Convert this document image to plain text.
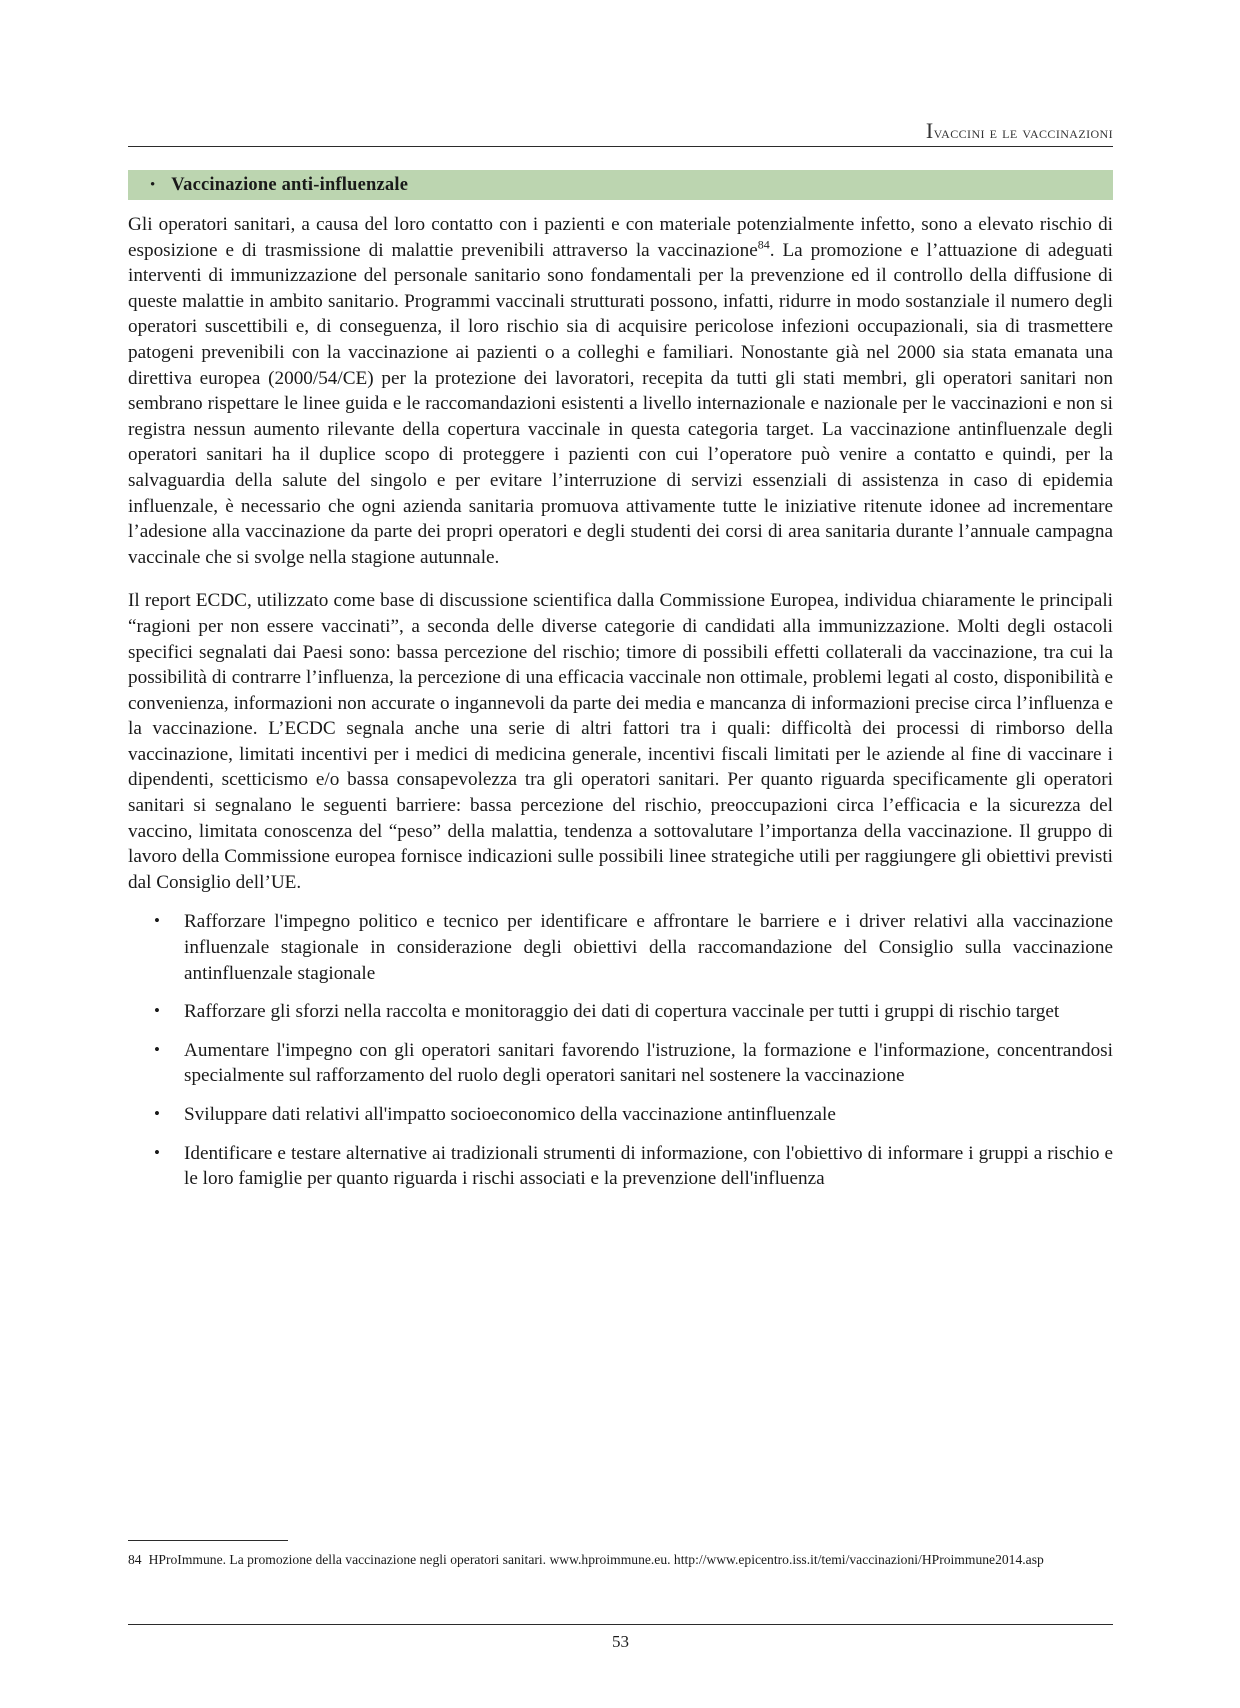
Ivaccini e le vaccinazioni
• Vaccinazione anti-influenzale

Gli operatori sanitari, a causa del loro contatto con i pazienti e con materiale potenzialmente infetto, sono a elevato rischio di esposizione e di trasmissione di malattie prevenibili attraverso la vaccinazione$^{84}$. La promozione e l’attuazione di adeguati interventi di immunizzazione del personale sanitario sono fondamentali per la prevenzione ed il controllo della diffusione di queste malattie in ambito sanitario. Programmi vaccinali strutturati possono, infatti, ridurre in modo sostanziale il numero degli operatori suscettibili e, di conseguenza, il loro rischio sia di acquisire pericolose infezioni occupazionali, sia di trasmettere patogeni prevenibili con la vaccinazione ai pazienti o a colleghi e familiari. Nonostante già nel 2000 sia stata emanata una direttiva europea (2000/54/CE) per la protezione dei lavoratori, recepita da tutti gli stati membri, gli operatori sanitari non sembrano rispettare le linee guida e le raccomandazioni esistenti a livello internazionale e nazionale per le vaccinazioni e non si registra nessun aumento rilevante della copertura vaccinale in questa categoria target. La vaccinazione antinfluenzale degli operatori sanitari ha il duplice scopo di proteggere i pazienti con cui l’operatore può venire a contatto e quindi, per la salvaguardia della salute del singolo e per evitare l’interruzione di servizi essenziali di assistenza in caso di epidemia influenzale, è necessario che ogni azienda sanitaria promuova attivamente tutte le iniziative ritenute idonee ad incrementare l’adesione alla vaccinazione da parte dei propri operatori e degli studenti dei corsi di area sanitaria durante l’annuale campagna vaccinale che si svolge nella stagione autunnale.

Il report ECDC, utilizzato come base di discussione scientifica dalla Commissione Europea, individua chiaramente le principali “ragioni per non essere vaccinati”, a seconda delle diverse categorie di candidati alla immunizzazione. Molti degli ostacoli specifici segnalati dai Paesi sono: bassa percezione del rischio; timore di possibili effetti collaterali da vaccinazione, tra cui la possibilità di contrarre l’influenza, la percezione di una efficacia vaccinale non ottimale, problemi legati al costo, disponibilità e convenienza, informazioni non accurate o ingannevoli da parte dei media e mancanza di informazioni precise circa l’influenza e la vaccinazione. L’ECDC segnala anche una serie di altri fattori tra i quali: difficoltà dei processi di rimborso della vaccinazione, limitati incentivi per i medici di medicina generale, incentivi fiscali limitati per le aziende al fine di vaccinare i dipendenti, scetticismo e/o bassa consapevolezza tra gli operatori sanitari. Per quanto riguarda specificamente gli operatori sanitari si segnalano le seguenti barriere: bassa percezione del rischio, preoccupazioni circa l’efficacia e la sicurezza del vaccino, limitata conoscenza del “peso” della malattia, tendenza a sottovalutare l’importanza della vaccinazione. Il gruppo di lavoro della Commissione europea fornisce indicazioni sulle possibili linee strategiche utili per raggiungere gli obiettivi previsti dal Consiglio dell’UE.

• Rafforzare l'impegno politico e tecnico per identificare e affrontare le barriere e i driver relativi alla vaccinazione influenzale stagionale in considerazione degli obiettivi della raccomandazione del Consiglio sulla vaccinazione antinfluenzale stagionale
• Rafforzare gli sforzi nella raccolta e monitoraggio dei dati di copertura vaccinale per tutti i gruppi di rischio target
• Aumentare l'impegno con gli operatori sanitari favorendo l'istruzione, la formazione e l'informazione, concentrandosi specialmente sul rafforzamento del ruolo degli operatori sanitari nel sostenere la vaccinazione
• Sviluppare dati relativi all'impatto socioeconomico della vaccinazione antinfluenzale
• Identificare e testare alternative ai tradizionali strumenti di informazione, con l'obiettivo di informare i gruppi a rischio e le loro famiglie per quanto riguarda i rischi associati e la prevenzione dell'influenza
84 HProImmune. La promozione della vaccinazione negli operatori sanitari. www.hproimmune.eu. http://www.epicentro.iss.it/temi/vaccinazioni/HProimmune2014.asp
53
